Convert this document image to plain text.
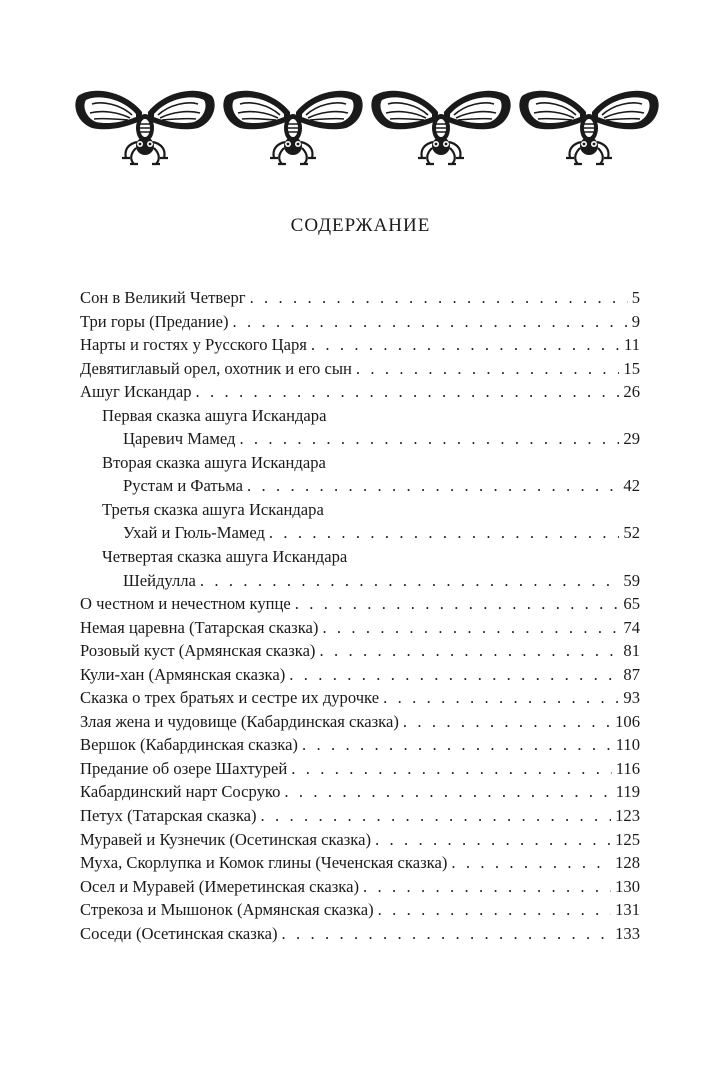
СОДЕРЖАНИЕ
Сон в Великий Четверг . . .	5
Три горы (Предание) . . .	9
Нарты и гостях у Русского Царя . . .	11
Девятиглавый орел, охотник и его сын . . .	15
Ашуг Искандар . . .	26
Первая сказка ашуга Искандара
Царевич Мамед . . .	29
Вторая сказка ашуга Искандара
Рустам и Фатьма . . .	42
Третья сказка ашуга Искандара
Ухай и Гюль-Мамед . . .	52
Четвертая сказка ашуга Искандара
Шейдулла . . .	59
О честном и нечестном купце . . .	65
Немая царевна (Татарская сказка) . . .	74
Розовый куст (Армянская сказка) . . .	81
Кули-хан (Армянская сказка) . . .	87
Сказка о трех братьях и сестре их дурочке . . .	93
Злая жена и чудовище (Кабардинская сказка) . . .	106
Вершок (Кабардинская сказка) . . .	110
Предание об озере Шахтурей . . .	116
Кабардинский нарт Сосруко . . .	119
Петух (Татарская сказка) . . .	123
Муравей и Кузнечик (Осетинская сказка) . . .	125
Муха, Скорлупка и Комок глины (Чеченская сказка) . . .	128
Осел и Муравей (Имеретинская сказка) . . .	130
Стрекоза и Мышонок (Армянская сказка) . . .	131
Соседи (Осетинская сказка) . . .	133
